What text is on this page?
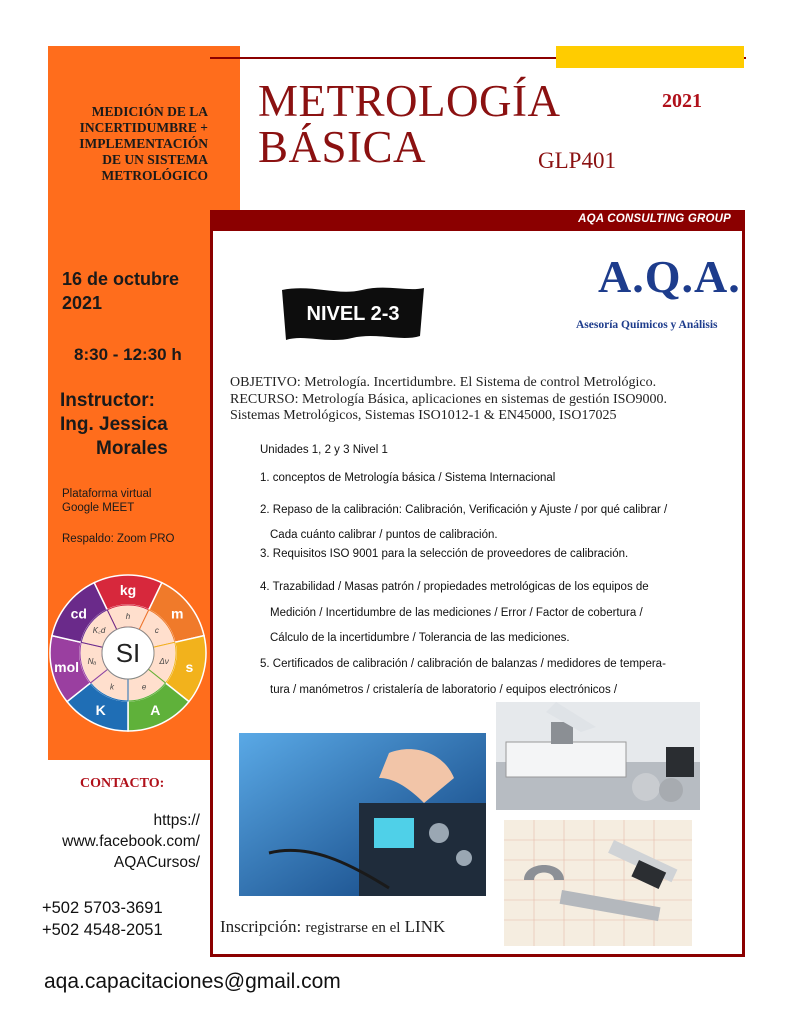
MEDICIÓN DE LA
INCERTIDUMBRE +
IMPLEMENTACIÓN
DE UN SISTEMA
METROLÓGICO
16 de octubre
2021
8:30 - 12:30 h
Instructor:
Ing. Jessica
Morales
Plataforma virtual
Google MEET
Respaldo: Zoom PRO
kg
h	m
c
s
Δν
A
e
K
k
mol Nₐ
cd
K꜀d
SI
CONTACTO:
https://
www.facebook.com/
AQACursos/
+502 5703-3691
+502 4548-2051
aqa.capacitaciones@gmail.com
METROLOGÍA
BÁSICA
2021
GLP401
AQA CONSULTING GROUP
NIVEL 2-3
A.Q.A.
Asesoría Químicos y Análisis
OBJETIVO: Metrología. Incertidumbre. El Sistema de control Metrológico.
RECURSO: Metrología Básica, aplicaciones en sistemas de gestión ISO9000.
Sistemas Metrológicos, Sistemas ISO1012-1 & EN45000, ISO17025
Unidades 1, 2 y 3 Nivel 1
1. conceptos de Metrología básica / Sistema Internacional
2. Repaso de la calibración: Calibración, Verificación y Ajuste / por qué calibrar /
Cada cuánto calibrar / puntos de calibración.
3. Requisitos ISO 9001 para la selección de proveedores de calibración.
4. Trazabilidad / Masas patrón / propiedades metrológicas de los equipos de
Medición / Incertidumbre de las mediciones / Error / Factor de cobertura /
Cálculo de la incertidumbre / Tolerancia de las mediciones.
5. Certificados de calibración / calibración de balanzas / medidores de tempera-
tura / manómetros / cristalería de laboratorio / equipos electrónicos /
Inscripción: registrarse en el LINK
